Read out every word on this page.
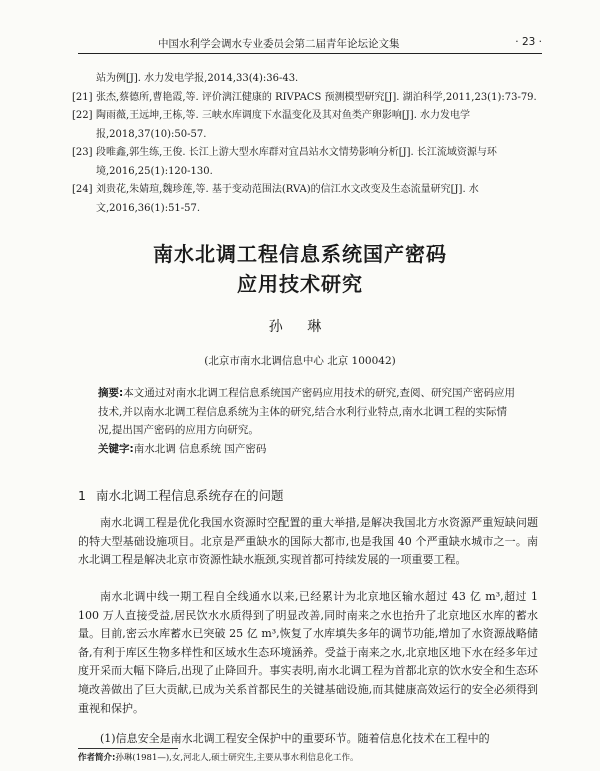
中国水利学会调水专业委员会第二届青年论坛论文集	· 23 ·
站为例[J]. 水力发电学报,2014,33(4):36-43.
[21] 张杰,蔡德所,曹艳霞,等. 评价漓江健康的 RIVPACS 预测模型研究[J]. 湖泊科学,2011,23(1):73-79.
[22] 陶雨薇,王远坤,王栋,等. 三峡水库调度下水温变化及其对鱼类产卵影响[J]. 水力发电学报,2018,37(10):50-57.
[23] 段唯鑫,郭生练,王俊. 长江上游大型水库群对宜昌站水文情势影响分析[J]. 长江流域资源与环境,2016,25(1):120-130.
[24] 刘贵花,朱婧瑄,魏珍莲,等. 基于变动范围法(RVA)的信江水文改变及生态流量研究[J]. 水文,2016,36(1):51-57.
南水北调工程信息系统国产密码
应用技术研究
孙 琳
(北京市南水北调信息中心 北京 100042)
摘要:本文通过对南水北调工程信息系统国产密码应用技术的研究,查阅、研究国产密码应用技术,并以南水北调工程信息系统为主体的研究,结合水利行业特点,南水北调工程的实际情况,提出国产密码的应用方向研究。
关键字:南水北调 信息系统 国产密码
1 南水北调工程信息系统存在的问题

南水北调工程是优化我国水资源时空配置的重大举措,是解决我国北方水资源严重短缺问题的特大型基础设施项目。北京是严重缺水的国际大都市,也是我国 40 个严重缺水城市之一。南水北调工程是解决北京市资源性缺水瓶颈,实现首都可持续发展的一项重要工程。

南水北调中线一期工程自全线通水以来,已经累计为北京地区输水超过 43 亿 m³,超过 1 100 万人直接受益,居民饮水水质得到了明显改善,同时南来之水也抬升了北京地区水库的蓄水量。目前,密云水库蓄水已突破 25 亿 m³,恢复了水库填失多年的调节功能,增加了水资源战略储备,有利于库区生物多样性和区域水生态环境涵养。受益于南来之水,北京地区地下水在经多年过度开采而大幅下降后,出现了止降回升。事实表明,南水北调工程为首都北京的饮水安全和生态环境改善做出了巨大贡献,已成为关系首都民生的关键基础设施,而其健康高效运行的安全必须得到重视和保护。

(1)信息安全是南水北调工程安全保护中的重要环节。随着信息化技术在工程中的

作者简介:孙琳(1981—),女,河北人,硕士研究生,主要从事水利信息化工作。
